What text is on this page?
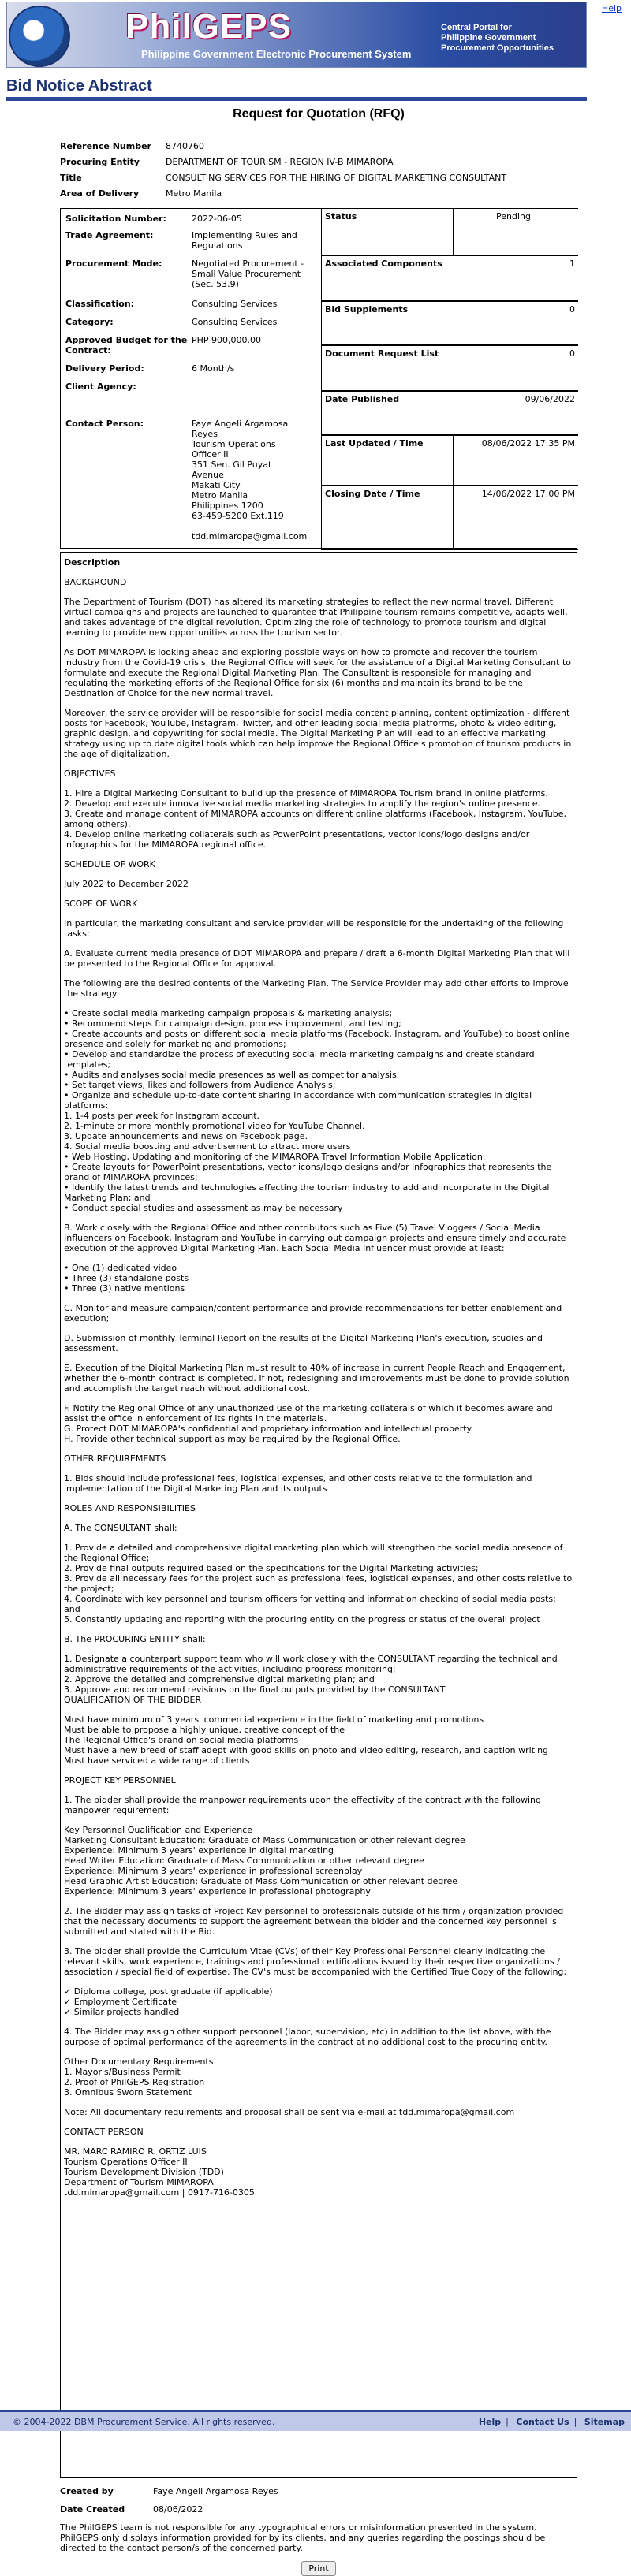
Help
PhilGEPS
Philippine Government Electronic Procurement System
Central Portal for
Philippine Government
Procurement Opportunities
Bid Notice Abstract
Request for Quotation (RFQ)
Reference Number	8740760
Procuring Entity	DEPARTMENT OF TOURISM - REGION IV-B MIMAROPA
Title	CONSULTING SERVICES FOR THE HIRING OF DIGITAL MARKETING CONSULTANT
Area of Delivery	Metro Manila
Solicitation Number:	2022-06-05
Trade Agreement:	Implementing Rules and Regulations
Procurement Mode:	Negotiated Procurement - Small Value Procurement (Sec. 53.9)
Classification:	Consulting Services
Category:	Consulting Services
Approved Budget for the Contract:
PHP 900,000.00
Delivery Period:	6 Month/s
Client Agency:
Contact Person:	Faye Angeli Argamosa
Reyes
Tourism Operations
Officer II
351 Sen. Gil Puyat
Avenue
Makati City
Metro Manila
Philippines 1200
63-459-5200 Ext.119
tdd.mimaropa@gmail.com
Status	Pending
Associated Components	1
Bid Supplements	0
Document Request List	0
Date Published	09/06/2022
Last Updated / Time	08/06/2022 17:35 PM
Closing Date / Time	14/06/2022 17:00 PM
Description

BACKGROUND

The Department of Tourism (DOT) has altered its marketing strategies to reflect the new normal travel. Different virtual campaigns and projects are launched to guarantee that Philippine tourism remains competitive, adapts well, and takes advantage of the digital revolution. Optimizing the role of technology to promote tourism and digital learning to provide new opportunities across the tourism sector.

As DOT MIMAROPA is looking ahead and exploring possible ways on how to promote and recover the tourism industry from the Covid-19 crisis, the Regional Office will seek for the assistance of a Digital Marketing Consultant to formulate and execute the Regional Digital Marketing Plan. The Consultant is responsible for managing and regulating the marketing efforts of the Regional Office for six (6) months and maintain its brand to be the Destination of Choice for the new normal travel.

Moreover, the service provider will be responsible for social media content planning, content optimization - different posts for Facebook, YouTube, Instagram, Twitter, and other leading social media platforms, photo & video editing, graphic design, and copywriting for social media. The Digital Marketing Plan will lead to an effective marketing strategy using up to date digital tools which can help improve the Regional Office's promotion of tourism products in the age of digitalization.

OBJECTIVES

1. Hire a Digital Marketing Consultant to build up the presence of MIMAROPA Tourism brand in online platforms.
2. Develop and execute innovative social media marketing strategies to amplify the region's online presence.
3. Create and manage content of MIMAROPA accounts on different online platforms (Facebook, Instagram, YouTube, among others).
4. Develop online marketing collaterals such as PowerPoint presentations, vector icons/logo designs and/or infographics for the MIMAROPA regional office.

SCHEDULE OF WORK

July 2022 to December 2022

SCOPE OF WORK

In particular, the marketing consultant and service provider will be responsible for the undertaking of the following tasks:

A. Evaluate current media presence of DOT MIMAROPA and prepare / draft a 6-month Digital Marketing Plan that will be presented to the Regional Office for approval.

The following are the desired contents of the Marketing Plan. The Service Provider may add other efforts to improve the strategy:

• Create social media marketing campaign proposals & marketing analysis;
• Recommend steps for campaign design, process improvement, and testing;
• Create accounts and posts on different social media platforms (Facebook, Instagram, and YouTube) to boost online presence and solely for marketing and promotions;
• Develop and standardize the process of executing social media marketing campaigns and create standard templates;
• Audits and analyses social media presences as well as competitor analysis;
• Set target views, likes and followers from Audience Analysis;
• Organize and schedule up-to-date content sharing in accordance with communication strategies in digital platforms:
1. 1-4 posts per week for Instagram account.
2. 1-minute or more monthly promotional video for YouTube Channel.
3. Update announcements and news on Facebook page.
4. Social media boosting and advertisement to attract more users
• Web Hosting, Updating and monitoring of the MIMAROPA Travel Information Mobile Application.
• Create layouts for PowerPoint presentations, vector icons/logo designs and/or infographics that represents the brand of MIMAROPA provinces;
• Identify the latest trends and technologies affecting the tourism industry to add and incorporate in the Digital Marketing Plan; and
• Conduct special studies and assessment as may be necessary

B. Work closely with the Regional Office and other contributors such as Five (5) Travel Vloggers / Social Media Influencers on Facebook, Instagram and YouTube in carrying out campaign projects and ensure timely and accurate execution of the approved Digital Marketing Plan. Each Social Media Influencer must provide at least:

• One (1) dedicated video
• Three (3) standalone posts
• Three (3) native mentions

C. Monitor and measure campaign/content performance and provide recommendations for better enablement and execution;

D. Submission of monthly Terminal Report on the results of the Digital Marketing Plan's execution, studies and assessment.

E. Execution of the Digital Marketing Plan must result to 40% of increase in current People Reach and Engagement, whether the 6-month contract is completed. If not, redesigning and improvements must be done to provide solution and accomplish the target reach without additional cost.

F. Notify the Regional Office of any unauthorized use of the marketing collaterals of which it becomes aware and assist the office in enforcement of its rights in the materials.
G. Protect DOT MIMAROPA's confidential and proprietary information and intellectual property.
H. Provide other technical support as may be required by the Regional Office.

OTHER REQUIREMENTS

1. Bids should include professional fees, logistical expenses, and other costs relative to the formulation and implementation of the Digital Marketing Plan and its outputs

ROLES AND RESPONSIBILITIES

A. The CONSULTANT shall:

1. Provide a detailed and comprehensive digital marketing plan which will strengthen the social media presence of the Regional Office;
2. Provide final outputs required based on the specifications for the Digital Marketing activities;
3. Provide all necessary fees for the project such as professional fees, logistical expenses, and other costs relative to the project;
4. Coordinate with key personnel and tourism officers for vetting and information checking of social media posts; and
5. Constantly updating and reporting with the procuring entity on the progress or status of the overall project

B. The PROCURING ENTITY shall:

1. Designate a counterpart support team who will work closely with the CONSULTANT regarding the technical and administrative requirements of the activities, including progress monitoring;
2. Approve the detailed and comprehensive digital marketing plan; and
3. Approve and recommend revisions on the final outputs provided by the CONSULTANT
QUALIFICATION OF THE BIDDER

Must have minimum of 3 years' commercial experience in the field of marketing and promotions
Must be able to propose a highly unique, creative concept of the
The Regional Office's brand on social media platforms
Must have a new breed of staff adept with good skills on photo and video editing, research, and caption writing
Must have serviced a wide range of clients

PROJECT KEY PERSONNEL

1. The bidder shall provide the manpower requirements upon the effectivity of the contract with the following manpower requirement:

Key Personnel Qualification and Experience
Marketing Consultant Education: Graduate of Mass Communication or other relevant degree
Experience: Minimum 3 years' experience in digital marketing
Head Writer Education: Graduate of Mass Communication or other relevant degree
Experience: Minimum 3 years' experience in professional screenplay
Head Graphic Artist Education: Graduate of Mass Communication or other relevant degree
Experience: Minimum 3 years' experience in professional photography

2. The Bidder may assign tasks of Project Key personnel to professionals outside of his firm / organization provided that the necessary documents to support the agreement between the bidder and the concerned key personnel is submitted and stated with the Bid.

3. The bidder shall provide the Curriculum Vitae (CVs) of their Key Professional Personnel clearly indicating the relevant skills, work experience, trainings and professional certifications issued by their respective organizations / association / special field of expertise. The CV's must be accompanied with the Certified True Copy of the following:

✓ Diploma college, post graduate (if applicable)
✓ Employment Certificate
✓ Similar projects handled

4. The Bidder may assign other support personnel (labor, supervision, etc) in addition to the list above, with the purpose of optimal performance of the agreements in the contract at no additional cost to the procuring entity.

Other Documentary Requirements
1. Mayor's/Business Permit
2. Proof of PhilGEPS Registration
3. Omnibus Sworn Statement

Note: All documentary requirements and proposal shall be sent via e-mail at tdd.mimaropa@gmail.com

CONTACT PERSON

MR. MARC RAMIRO R. ORTIZ LUIS
Tourism Operations Officer II
Tourism Development Division (TDD)
Department of Tourism MIMAROPA
tdd.mimaropa@gmail.com | 0917-716-0305

Created by	Faye Angeli Argamosa Reyes
Date Created	08/06/2022
The PhilGEPS team is not responsible for any typographical errors or misinformation presented in the system. PhilGEPS only displays information provided for by its clients, and any queries regarding the postings should be directed to the contact person/s of the concerned party.
Print
© 2004-2022 DBM Procurement Service. All rights reserved.	Help | Contact Us | Sitemap
